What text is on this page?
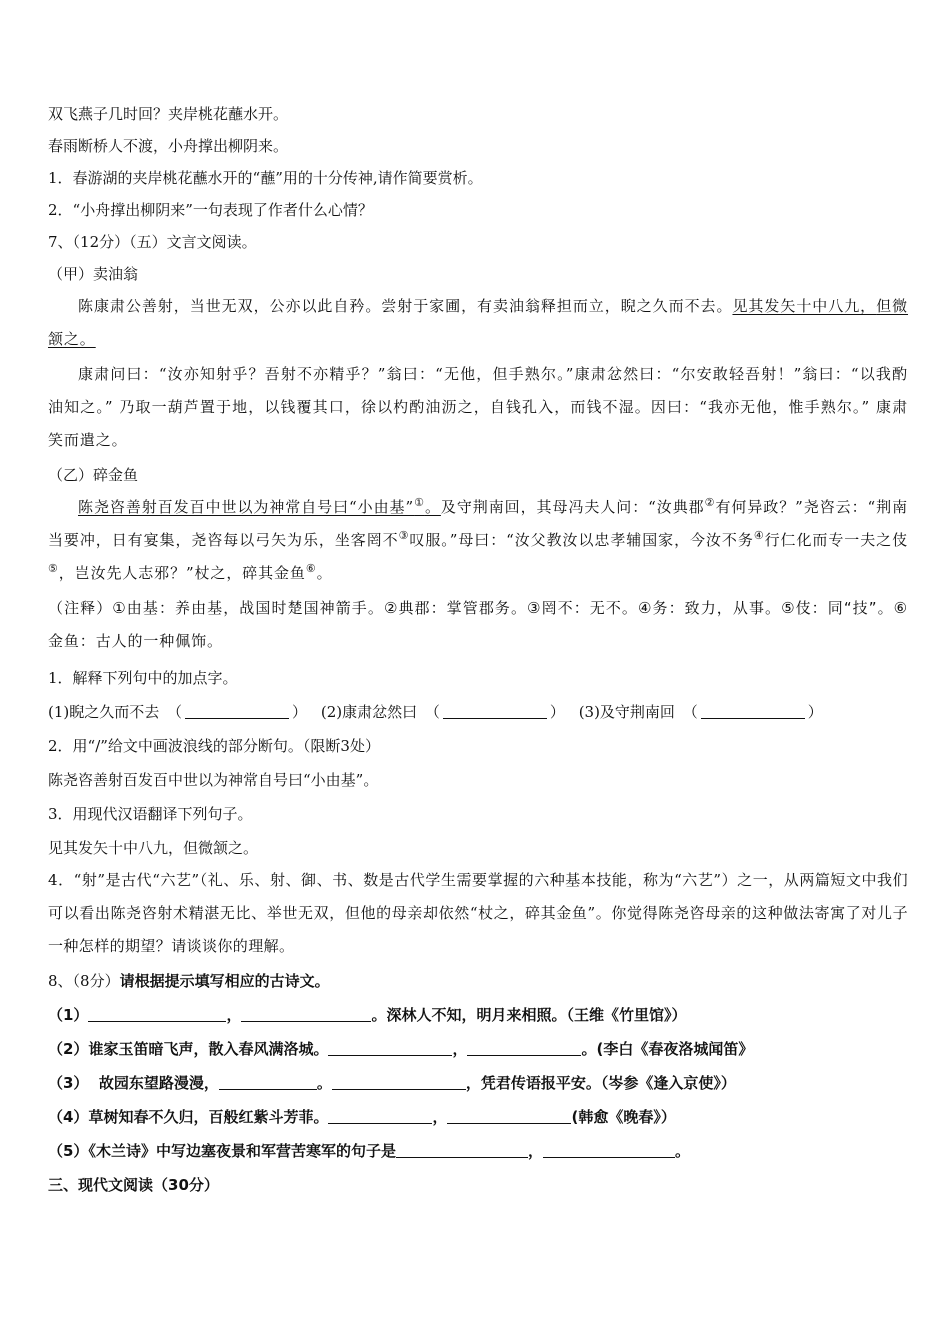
双飞燕子几时回？夹岸桃花蘸水开。
春雨断桥人不渡，小舟撑出柳阴来。
1．春游湖的夹岸桃花蘸水开的“蘸”用的十分传神,请作简要赏析。
2．“小舟撑出柳阴来”一句表现了作者什么心情？
7、（12分）（五）文言文阅读。
（甲）卖油翁
陈康肃公善射，当世无双，公亦以此自矜。尝射于家圃，有卖油翁释担而立，睨之久而不去。见其发矢十中八九，但微颔之。
康肃问曰：“汝亦知射乎？吾射不亦精乎？”翁曰：“无他，但手熟尔。”康肃忿然曰：“尔安敢轻吾射！”翁曰：“以我酌油知之。” 乃取一葫芦置于地，以钱覆其口，徐以杓酌油沥之，自钱孔入，而钱不湿。因曰：“我亦无他，惟手熟尔。” 康肃笑而遣之。
（乙）碎金鱼
陈尧咨善射百发百中世以为神常自号曰“小由基”①。及守荆南回，其母冯夫人问：“汝典郡②有何异政？”尧咨云：“荆南当要冲，日有宴集，尧咨每以弓矢为乐，坐客罔不③叹服。”母曰：“汝父教汝以忠孝辅国家，今汝不务④行仁化而专一夫之伎⑤，岂汝先人志邪？”杖之，碎其金鱼⑥。
（注释）①由基：养由基，战国时楚国神箭手。②典郡：掌管郡务。③罔不：无不。④务：致力，从事。⑤伎：同“技”。⑥金鱼：古人的一种佩饰。
1．解释下列句中的加点字。
(1)睨之久而不去 （	） (2)康肃忿然曰 （	） (3)及守荆南回 （	）
2．用“/”给文中画波浪线的部分断句。（限断3处）
陈尧咨善射百发百中世以为神常自号曰“小由基”。
3．用现代汉语翻译下列句子。
见其发矢十中八九，但微颔之。
4．“射”是古代“六艺”（礼、乐、射、御、书、数是古代学生需要掌握的六种基本技能，称为“六艺”）之一，从两篇短文中我们可以看出陈尧咨射术精湛无比、举世无双，但他的母亲却依然“杖之，碎其金鱼”。你觉得陈尧咨母亲的这种做法寄寓了对儿子一种怎样的期望？请谈谈你的理解。
8、（8分）请根据提示填写相应的古诗文。
（1）	，	。深林人不知，明月来相照。（王维《竹里馆》）
（2）谁家玉笛暗飞声，散入春风满洛城。	，	。(李白《春夜洛城闻笛》
（3）  故园东望路漫漫，	。	，凭君传语报平安。（岑参《逢入京使》）
（4）草树知春不久归，百般红紫斗芳菲。	，	(韩愈《晚春》）
（5）《木兰诗》中写边塞夜景和军营苦寒军的句子是	，	。
三、现代文阅读（30分）
